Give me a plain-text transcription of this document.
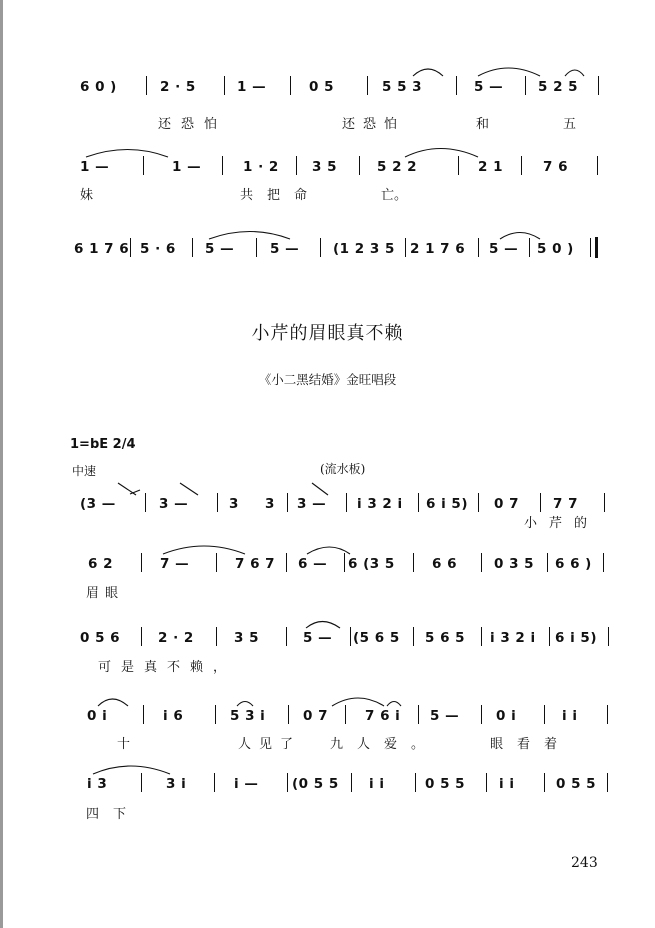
6 0 )	2 · 5	1 —	0 5	5 5 3	5 —	5 2 5
还恐怕	还恐怕	和	五
1 —	1 —	1 · 2 3 5	5 2 2	2 1	7 6
妹	共把命	亡。
6 1 7 6 5 · 6 5 —	5 —	(1 2 3 5 2 1 7 6 5 — 5 0 )
小芹的眉眼真不赖
《小二黑结婚》金旺唱段
1=bE 2/4
中速	(流水板)
(3 —	3 —	3 3 3 — i 3 2 i 6 i 5) 0 7	7 7
小芹的
6 2	7 —	7 6 7 6 — 6 (3 5	6 6	0 3 5 6 6 )
眉眼
0 5 6	2 · 2	3 5	5 — (5 6 5 5 6 5 i 3 2 i 6 i 5)
可是真不赖，
0 i	i 6	5 3 i	0 7	7 6 i 5 —	0 i	i i
十	人见了 九人爱。	眼看着
i 3	3 i	i — (0 5 5 i i	0 5 5	i i	0 5 5
四下
243
